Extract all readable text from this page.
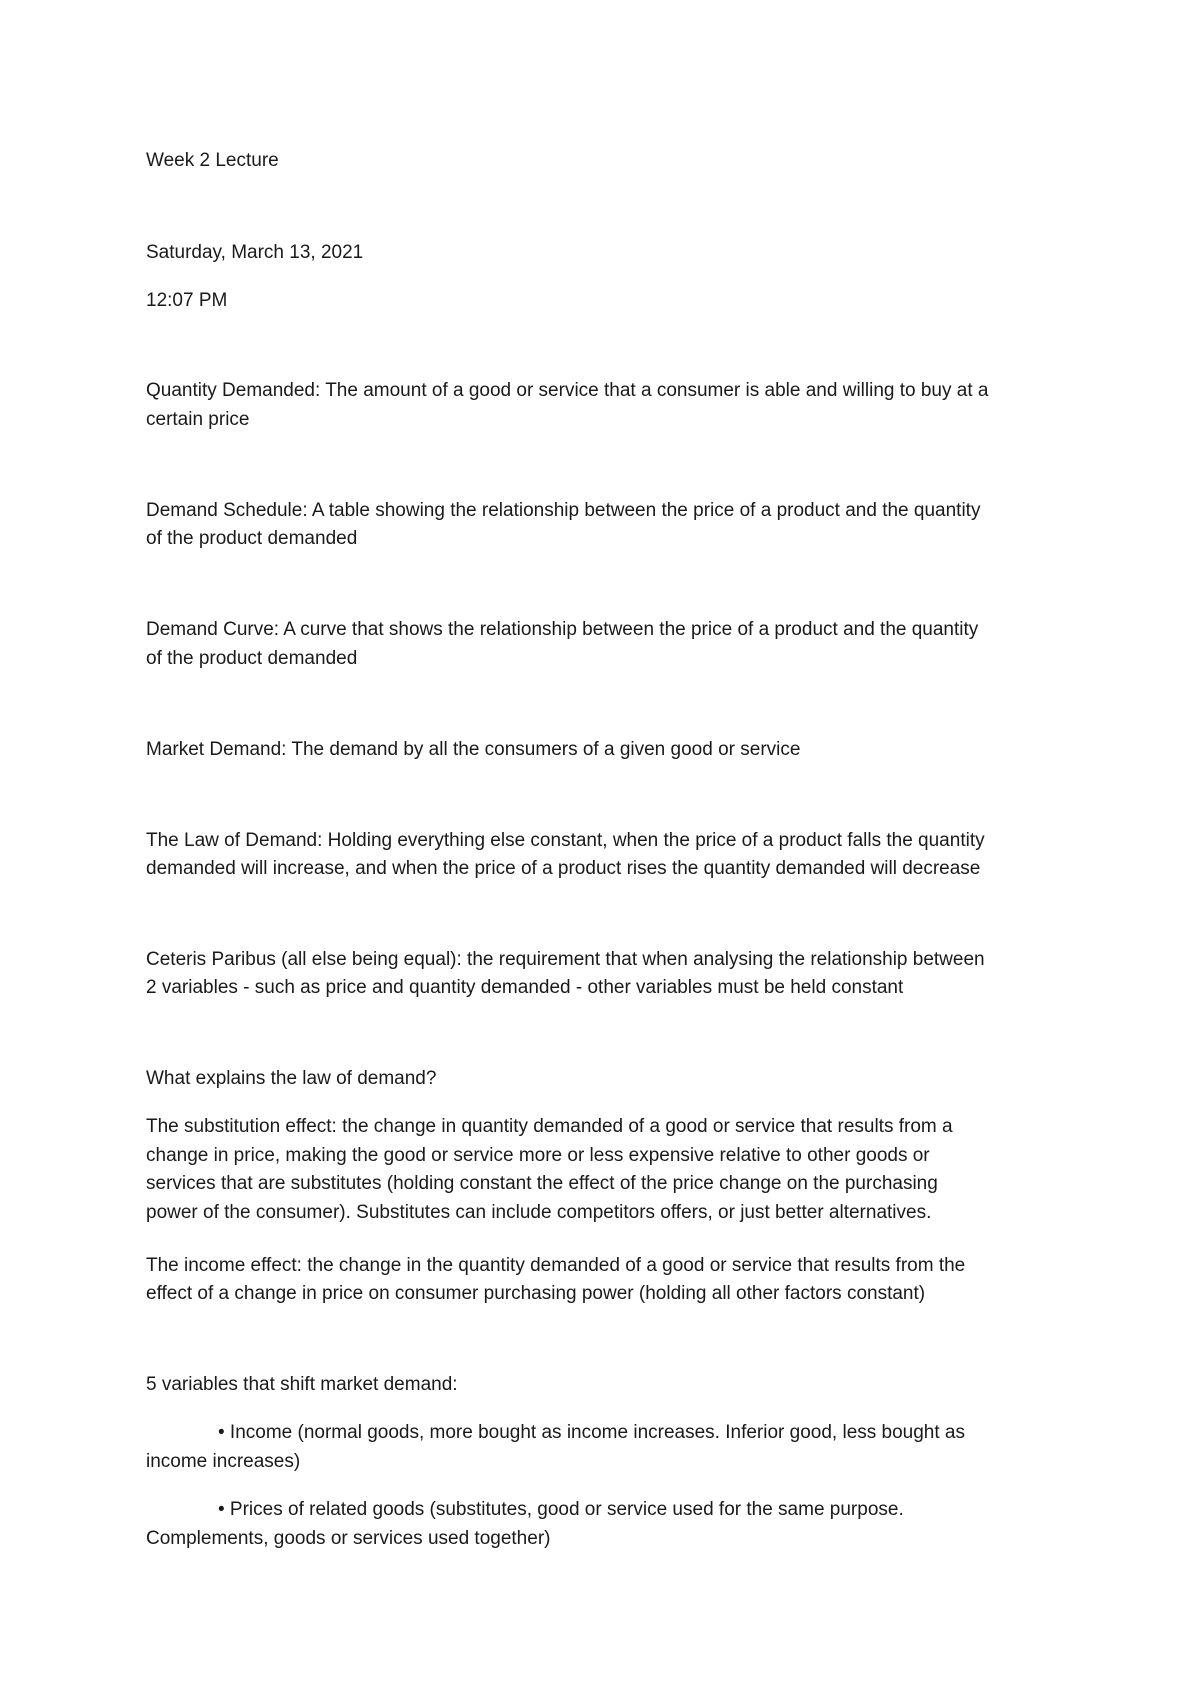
Week 2 Lecture
Saturday, March 13, 2021
12:07 PM
Quantity Demanded: The amount of a good or service that a consumer is able and willing to buy at a
certain price
Demand Schedule: A table showing the relationship between the price of a product and the quantity
of the product demanded
Demand Curve: A curve that shows the relationship between the price of a product and the quantity
of the product demanded
Market Demand: The demand by all the consumers of a given good or service
The Law of Demand: Holding everything else constant, when the price of a product falls the quantity
demanded will increase, and when the price of a product rises the quantity demanded will decrease
Ceteris Paribus (all else being equal): the requirement that when analysing the relationship between
2 variables - such as price and quantity demanded - other variables must be held constant
What explains the law of demand?
The substitution effect: the change in quantity demanded of a good or service that results from a
change in price, making the good or service more or less expensive relative to other goods or
services that are substitutes (holding constant the effect of the price change on the purchasing
power of the consumer). Substitutes can include competitors offers, or just better alternatives.
The income effect: the change in the quantity demanded of a good or service that results from the
effect of a change in price on consumer purchasing power (holding all other factors constant)
5 variables that shift market demand:
• Income (normal goods, more bought as income increases. Inferior good, less bought as
income increases)
• Prices of related goods (substitutes, good or service used for the same purpose.
Complements, goods or services used together)
